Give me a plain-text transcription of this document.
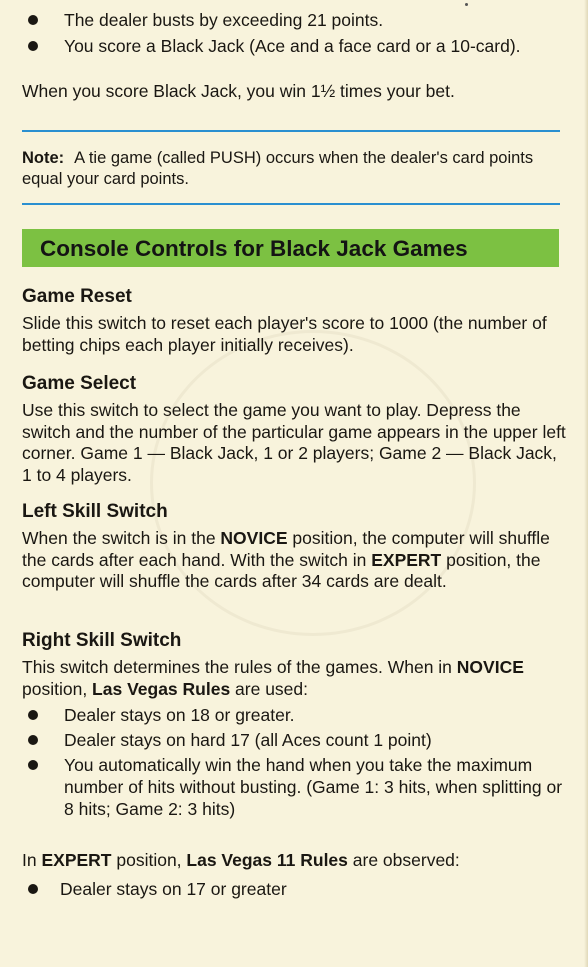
The dealer busts by exceeding 21 points.
You score a Black Jack (Ace and a face card or a 10-card).
When you score Black Jack, you win 1½ times your bet.
Note: A tie game (called PUSH) occurs when the dealer's card points equal your card points.
Console Controls for Black Jack Games
Game Reset
Slide this switch to reset each player's score to 1000 (the number of betting chips each player initially receives).
Game Select
Use this switch to select the game you want to play. Depress the switch and the number of the particular game appears in the upper left corner. Game 1 — Black Jack, 1 or 2 players; Game 2 — Black Jack, 1 to 4 players.
Left Skill Switch
When the switch is in the NOVICE position, the computer will shuffle the cards after each hand. With the switch in EXPERT position, the computer will shuffle the cards after 34 cards are dealt.
Right Skill Switch
This switch determines the rules of the games. When in NOVICE position, Las Vegas Rules are used:
Dealer stays on 18 or greater.
Dealer stays on hard 17 (all Aces count 1 point)
You automatically win the hand when you take the maximum number of hits without busting. (Game 1: 3 hits, when splitting or 8 hits; Game 2: 3 hits)
In EXPERT position, Las Vegas 11 Rules are observed:
Dealer stays on 17 or greater
